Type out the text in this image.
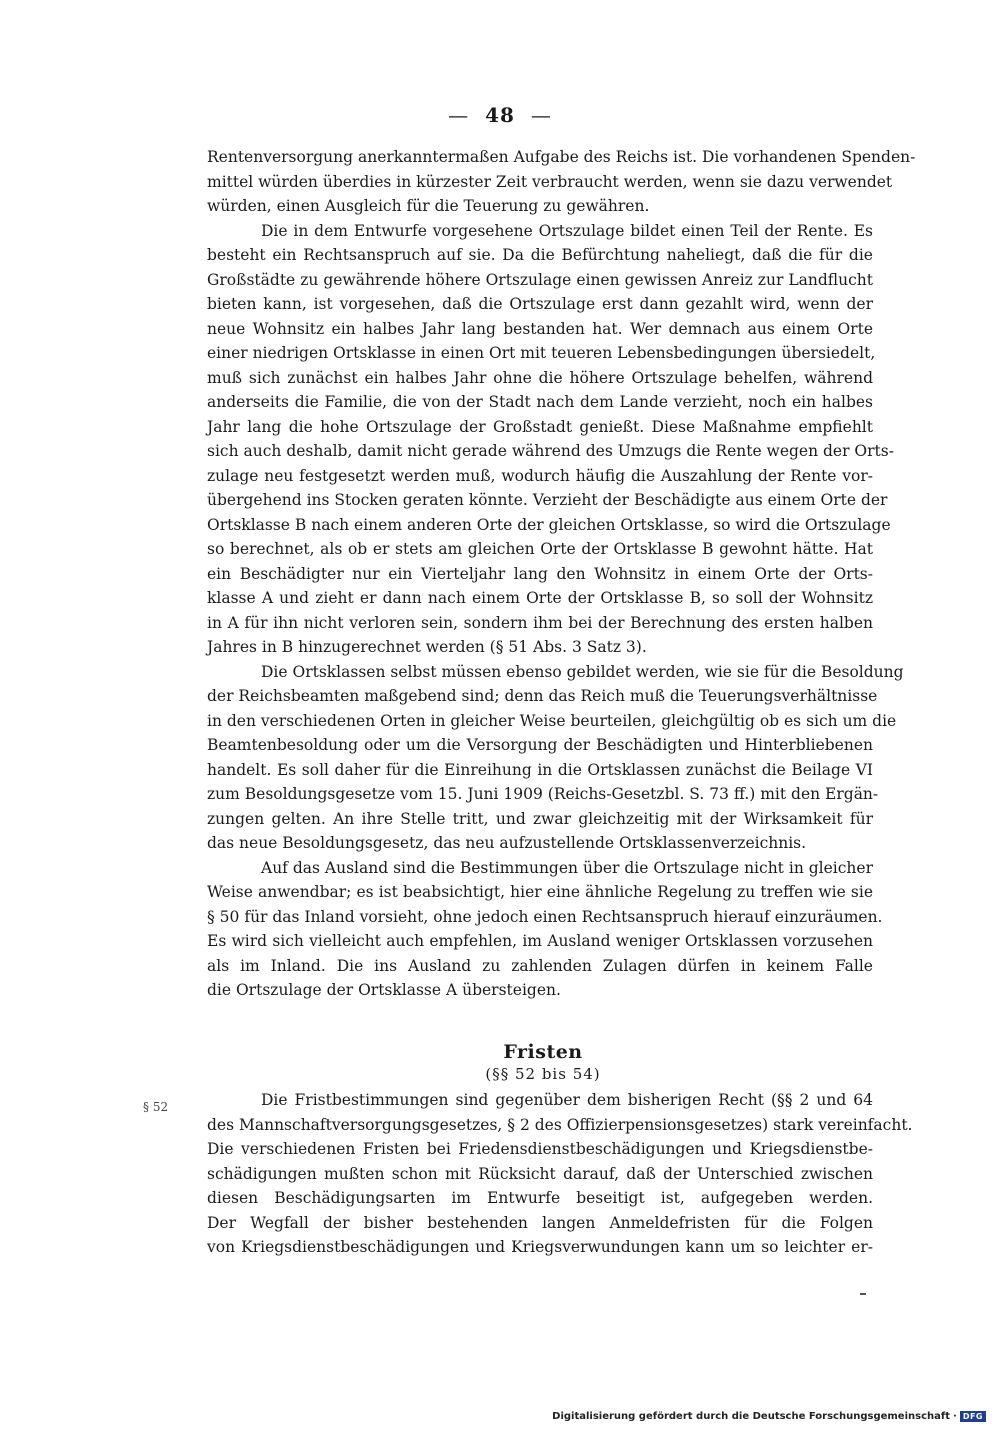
— 48 —
Rentenversorgung anerkanntermaßen Aufgabe des Reichs ist. Die vorhandenen Spenden-
mittel würden überdies in kürzester Zeit verbraucht werden, wenn sie dazu verwendet
würden, einen Ausgleich für die Teuerung zu gewähren.
Die in dem Entwurfe vorgesehene Ortszulage bildet einen Teil der Rente. Es
besteht ein Rechtsanspruch auf sie. Da die Befürchtung naheliegt, daß die für die
Großstädte zu gewährende höhere Ortszulage einen gewissen Anreiz zur Landflucht
bieten kann, ist vorgesehen, daß die Ortszulage erst dann gezahlt wird, wenn der
neue Wohnsitz ein halbes Jahr lang bestanden hat. Wer demnach aus einem Orte
einer niedrigen Ortsklasse in einen Ort mit teueren Lebensbedingungen übersiedelt,
muß sich zunächst ein halbes Jahr ohne die höhere Ortszulage behelfen, während
anderseits die Familie, die von der Stadt nach dem Lande verzieht, noch ein halbes
Jahr lang die hohe Ortszulage der Großstadt genießt. Diese Maßnahme empfiehlt
sich auch deshalb, damit nicht gerade während des Umzugs die Rente wegen der Orts-
zulage neu festgesetzt werden muß, wodurch häufig die Auszahlung der Rente vor-
übergehend ins Stocken geraten könnte. Verzieht der Beschädigte aus einem Orte der
Ortsklasse B nach einem anderen Orte der gleichen Ortsklasse, so wird die Ortszulage
so berechnet, als ob er stets am gleichen Orte der Ortsklasse B gewohnt hätte. Hat
ein Beschädigter nur ein Vierteljahr lang den Wohnsitz in einem Orte der Orts-
klasse A und zieht er dann nach einem Orte der Ortsklasse B, so soll der Wohnsitz
in A für ihn nicht verloren sein, sondern ihm bei der Berechnung des ersten halben
Jahres in B hinzugerechnet werden (§ 51 Abs. 3 Satz 3).
Die Ortsklassen selbst müssen ebenso gebildet werden, wie sie für die Besoldung
der Reichsbeamten maßgebend sind; denn das Reich muß die Teuerungsverhältnisse
in den verschiedenen Orten in gleicher Weise beurteilen, gleichgültig ob es sich um die
Beamtenbesoldung oder um die Versorgung der Beschädigten und Hinterbliebenen
handelt. Es soll daher für die Einreihung in die Ortsklassen zunächst die Beilage VI
zum Besoldungsgesetze vom 15. Juni 1909 (Reichs-Gesetzbl. S. 73 ff.) mit den Ergän-
zungen gelten. An ihre Stelle tritt, und zwar gleichzeitig mit der Wirksamkeit für
das neue Besoldungsgesetz, das neu aufzustellende Ortsklassenverzeichnis.
Auf das Ausland sind die Bestimmungen über die Ortszulage nicht in gleicher
Weise anwendbar; es ist beabsichtigt, hier eine ähnliche Regelung zu treffen wie sie
§ 50 für das Inland vorsieht, ohne jedoch einen Rechtsanspruch hierauf einzuräumen.
Es wird sich vielleicht auch empfehlen, im Ausland weniger Ortsklassen vorzusehen
als im Inland. Die ins Ausland zu zahlenden Zulagen dürfen in keinem Falle
die Ortszulage der Ortsklasse A übersteigen.
Fristen
(§§ 52 bis 54)
§ 52	Die Fristbestimmungen sind gegenüber dem bisherigen Recht (§§ 2 und 64
des Mannschaftversorgungsgesetzes, § 2 des Offizierpensionsgesetzes) stark vereinfacht.
Die verschiedenen Fristen bei Friedensdienstbeschädigungen und Kriegsdienstbe-
schädigungen mußten schon mit Rücksicht darauf, daß der Unterschied zwischen
diesen Beschädigungsarten im Entwurfe beseitigt ist, aufgegeben werden.
Der Wegfall der bisher bestehenden langen Anmeldefristen für die Folgen
von Kriegsdienstbeschädigungen und Kriegsverwundungen kann um so leichter er-
Digitalisierung gefördert durch die Deutsche Forschungsgemeinschaft · DFG
